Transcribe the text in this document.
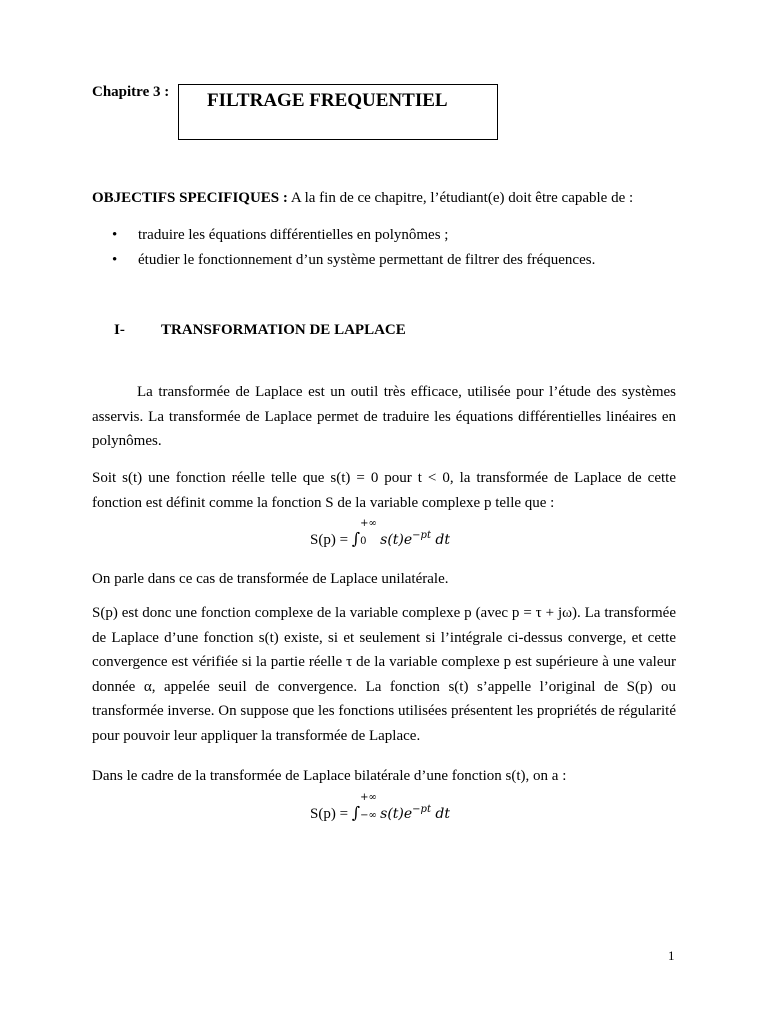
Chapitre 3 : FILTRAGE FREQUENTIEL
OBJECTIFS SPECIFIQUES : A la fin de ce chapitre, l’étudiant(e) doit être capable de :
• traduire les équations différentielles en polynômes ;
• étudier le fonctionnement d’un système permettant de filtrer des fréquences.
I- TRANSFORMATION DE LAPLACE
La transformée de Laplace est un outil très efficace, utilisée pour l’étude des systèmes asservis. La transformée de Laplace permet de traduire les équations différentielles linéaires en polynômes.
Soit s(t) une fonction réelle telle que s(t) = 0 pour t < 0, la transformée de Laplace de cette fonction est définit comme la fonction S de la variable complexe p telle que :
S(p) = ∫
+∞
0 $s(t)e^{-pt}$ dt
On parle dans ce cas de transformée de Laplace unilatérale.
S(p) est donc une fonction complexe de la variable complexe p (avec p = τ + jω). La transformée de Laplace d’une fonction s(t) existe, si et seulement si l’intégrale ci-dessus converge, et cette convergence est vérifiée si la partie réelle τ de la variable complexe p est supérieure à une valeur donnée α, appelée seuil de convergence. La fonction s(t) s’appelle l’original de S(p) ou transformée inverse. On suppose que les fonctions utilisées présentent les propriétés de régularité pour pouvoir leur appliquer la transformée de Laplace.
Dans le cadre de la transformée de Laplace bilatérale d’une fonction s(t), on a :
S(p) = ∫
+∞
−∞ $s(t)e^{-pt}$ dt
1
